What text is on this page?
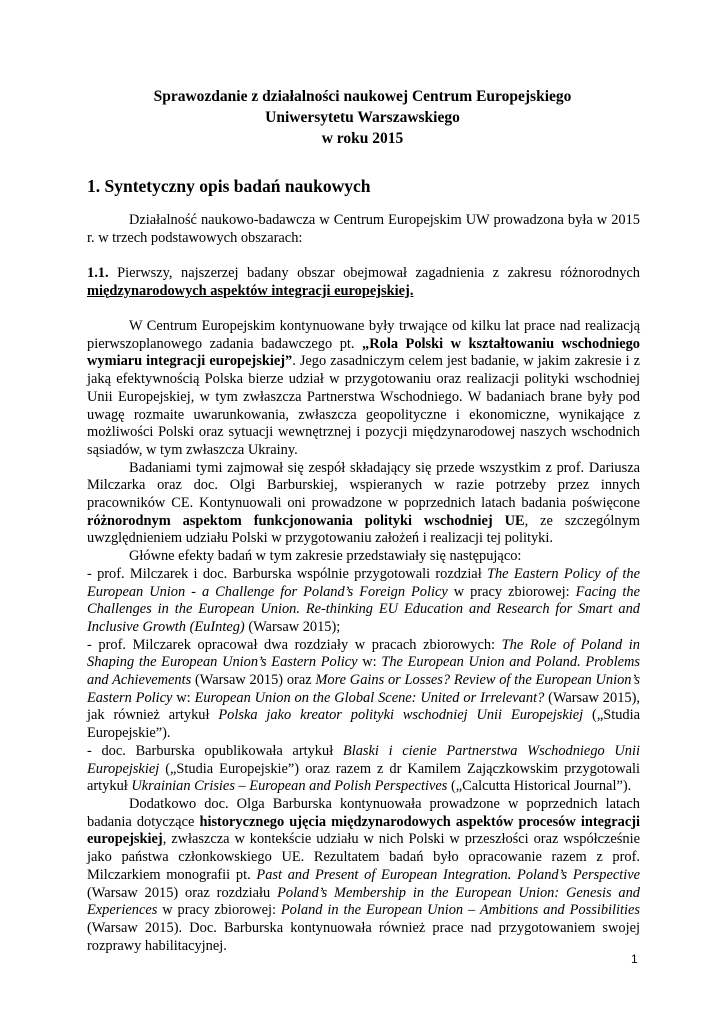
Sprawozdanie z działalności naukowej Centrum Europejskiego
Uniwersytetu Warszawskiego
w roku 2015
1. Syntetyczny opis badań naukowych

Działalność naukowo-badawcza w Centrum Europejskim UW prowadzona była w 2015 r. w trzech podstawowych obszarach:

1.1. Pierwszy, najszerzej badany obszar obejmował zagadnienia z zakresu różnorodnych międzynarodowych aspektów integracji europejskiej.

W Centrum Europejskim kontynuowane były trwające od kilku lat prace nad realizacją pierwszoplanowego zadania badawczego pt. „Rola Polski w kształtowaniu wschodniego wymiaru integracji europejskiej”. Jego zasadniczym celem jest badanie, w jakim zakresie i z jaką efektywnością Polska bierze udział w przygotowaniu oraz realizacji polityki wschodniej Unii Europejskiej, w tym zwłaszcza Partnerstwa Wschodniego. W badaniach brane były pod uwagę rozmaite uwarunkowania, zwłaszcza geopolityczne i ekonomiczne, wynikające z możliwości Polski oraz sytuacji wewnętrznej i pozycji międzynarodowej naszych wschodnich sąsiadów, w tym zwłaszcza Ukrainy.

Badaniami tymi zajmował się zespół składający się przede wszystkim z prof. Dariusza Milczarka oraz doc. Olgi Barburskiej, wspieranych w razie potrzeby przez innych pracowników CE. Kontynuowali oni prowadzone w poprzednich latach badania poświęcone różnorodnym aspektom funkcjonowania polityki wschodniej UE, ze szczególnym uwzględnieniem udziału Polski w przygotowaniu założeń i realizacji tej polityki.

Główne efekty badań w tym zakresie przedstawiały się następująco:

- prof. Milczarek i doc. Barburska wspólnie przygotowali rozdział The Eastern Policy of the European Union - a Challenge for Poland’s Foreign Policy w pracy zbiorowej: Facing the Challenges in the European Union. Re-thinking EU Education and Research for Smart and Inclusive Growth (EuInteg) (Warsaw 2015);

- prof. Milczarek opracował dwa rozdziały w pracach zbiorowych: The Role of Poland in Shaping the European Union’s Eastern Policy w: The European Union and Poland. Problems and Achievements (Warsaw 2015) oraz More Gains or Losses? Review of the European Union’s Eastern Policy w: European Union on the Global Scene: United or Irrelevant? (Warsaw 2015), jak również artykuł Polska jako kreator polityki wschodniej Unii Europejskiej („Studia Europejskie”).

- doc. Barburska opublikowała artykuł Blaski i cienie Partnerstwa Wschodniego Unii Europejskiej („Studia Europejskie”) oraz razem z dr Kamilem Zajączkowskim przygotowali artykuł Ukrainian Crisies – European and Polish Perspectives („Calcutta Historical Journal”).

Dodatkowo doc. Olga Barburska kontynuowała prowadzone w poprzednich latach badania dotyczące historycznego ujęcia międzynarodowych aspektów procesów integracji europejskiej, zwłaszcza w kontekście udziału w nich Polski w przeszłości oraz współcześnie jako państwa członkowskiego UE. Rezultatem badań było opracowanie razem z prof. Milczarkiem monografii pt. Past and Present of European Integration. Poland’s Perspective (Warsaw 2015) oraz rozdziału Poland’s Membership in the European Union: Genesis and Experiences w pracy zbiorowej: Poland in the European Union – Ambitions and Possibilities (Warsaw 2015). Doc. Barburska kontynuowała również prace nad przygotowaniem swojej rozprawy habilitacyjnej.

1
